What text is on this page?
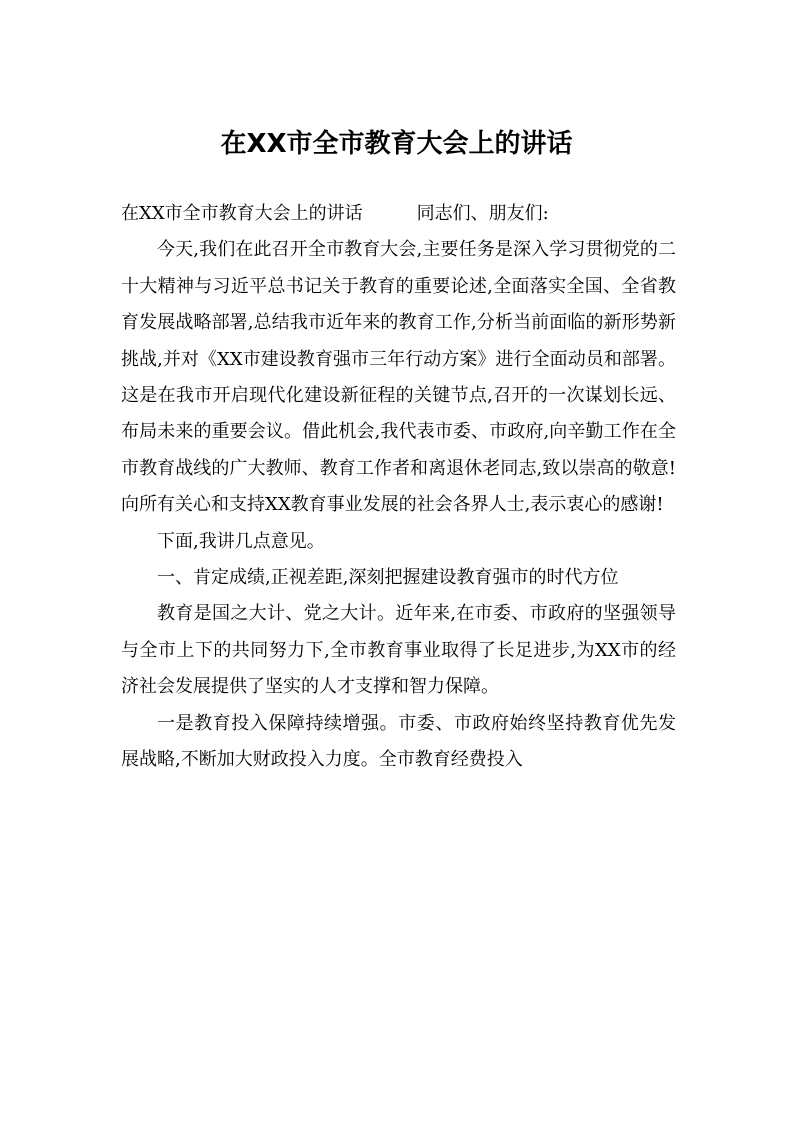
在XX市全市教育大会上的讲话

在XX市全市教育大会上的讲话	同志们、朋友们:

今天,我们在此召开全市教育大会,主要任务是深入学习贯彻党的二十大精神与习近平总书记关于教育的重要论述,全面落实全国、全省教育发展战略部署,总结我市近年来的教育工作,分析当前面临的新形势新挑战,并对《XX市建设教育强市三年行动方案》进行全面动员和部署。这是在我市开启现代化建设新征程的关键节点,召开的一次谋划长远、布局未来的重要会议。借此机会,我代表市委、市政府,向辛勤工作在全市教育战线的广大教师、教育工作者和离退休老同志,致以崇高的敬意!向所有关心和支持XX教育事业发展的社会各界人士,表示衷心的感谢!

下面,我讲几点意见。

一、肯定成绩,正视差距,深刻把握建设教育强市的时代方位

教育是国之大计、党之大计。近年来,在市委、市政府的坚强领导与全市上下的共同努力下,全市教育事业取得了长足进步,为XX市的经济社会发展提供了坚实的人才支撑和智力保障。

一是教育投入保障持续增强。市委、市政府始终坚持教育优先发展战略,不断加大财政投入力度。全市教育经费投入
